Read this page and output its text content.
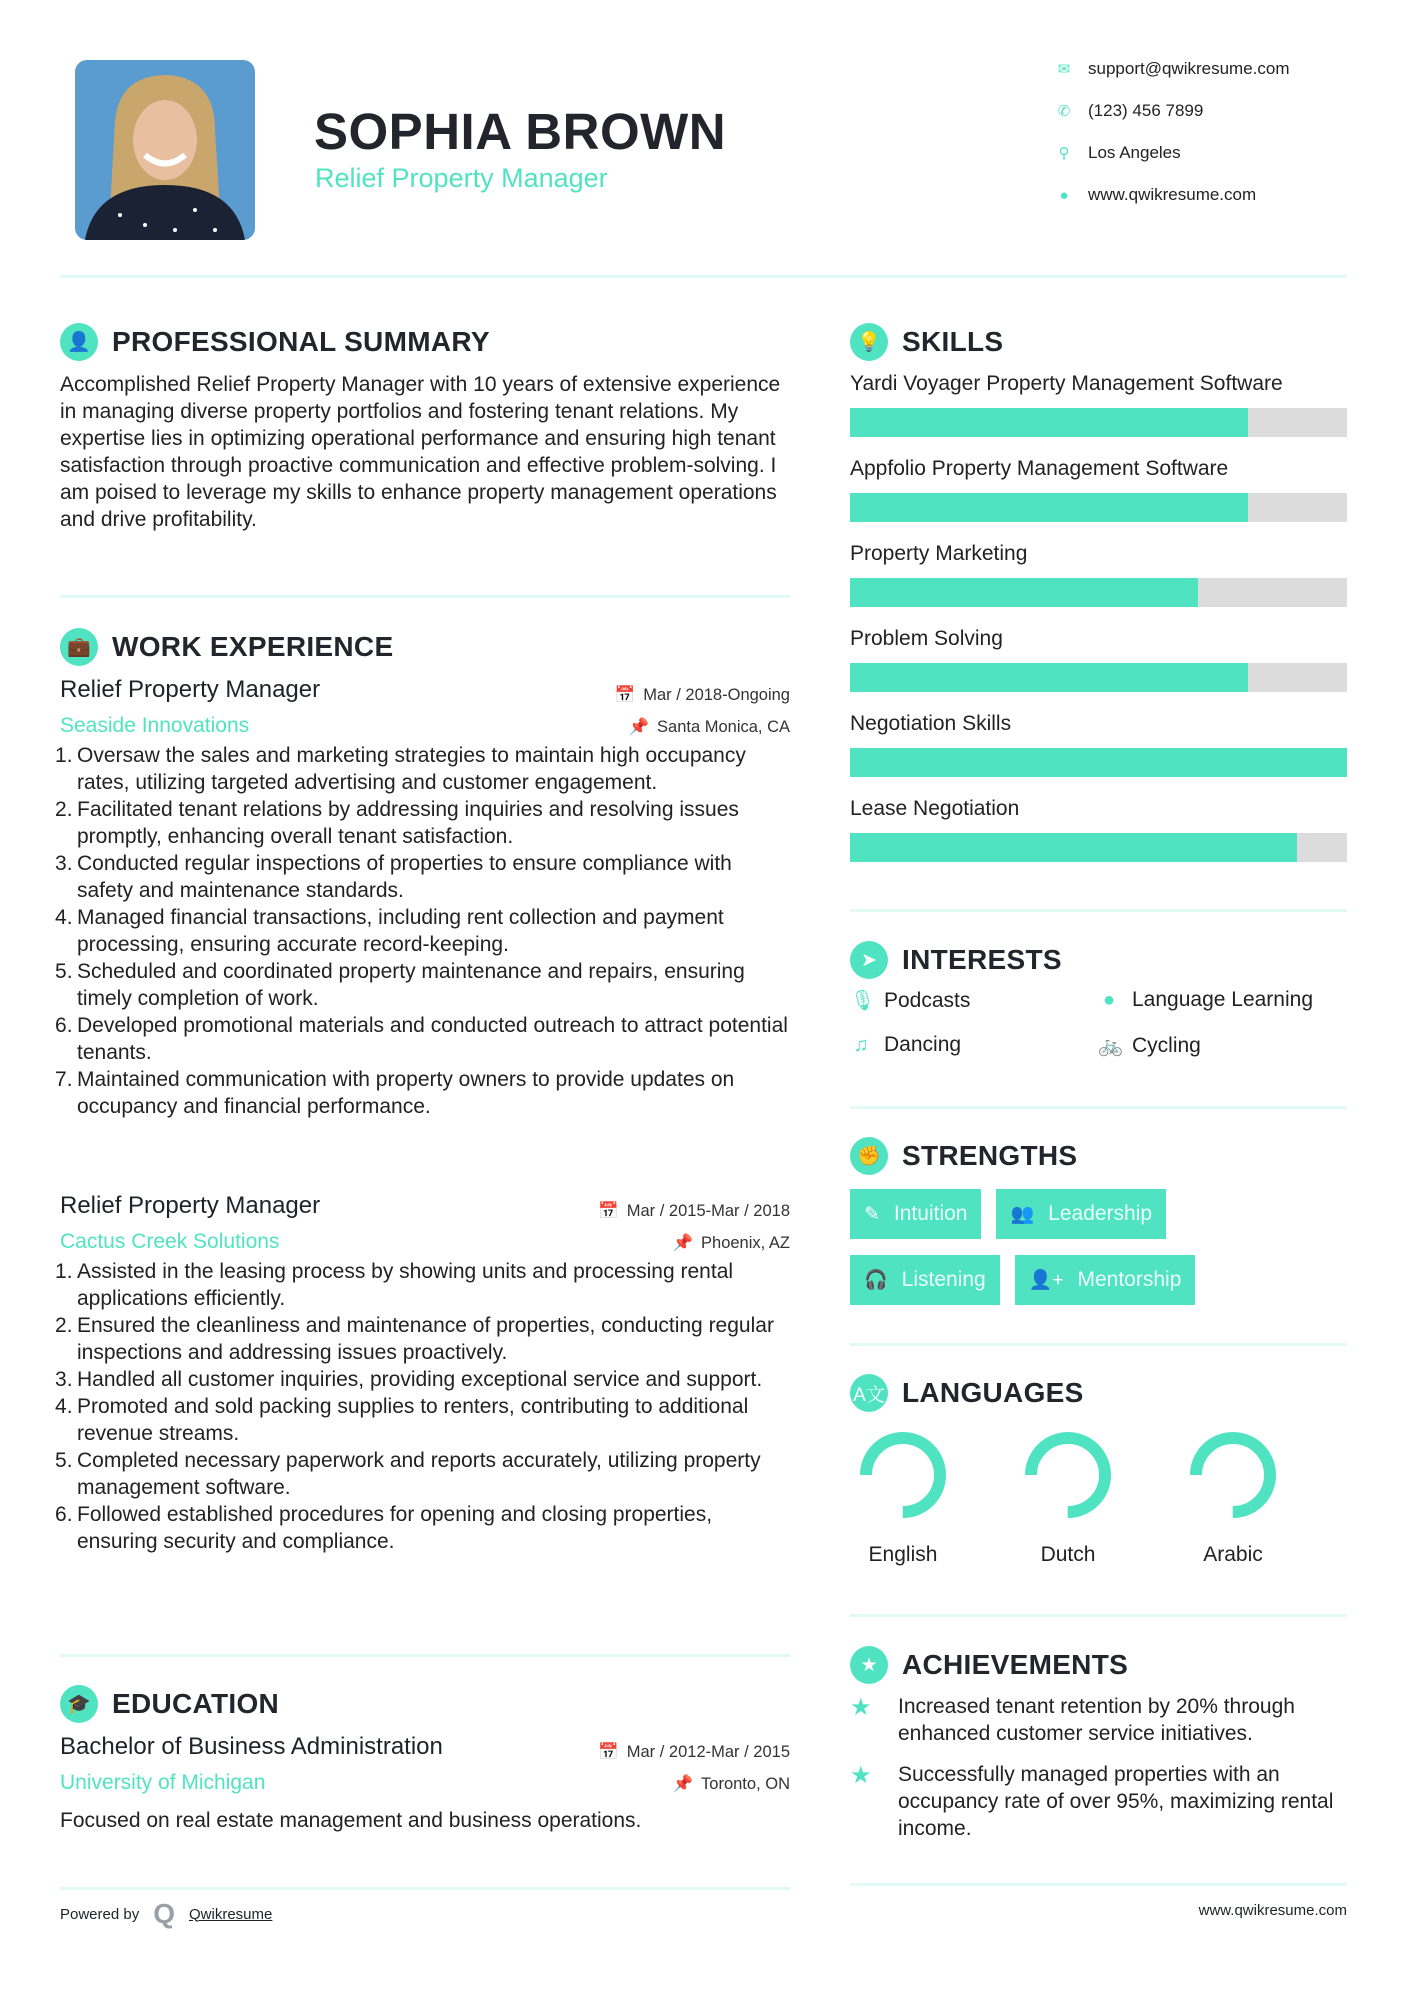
SOPHIA BROWN
Relief Property Manager
✉ support@qwikresume.com
✆ (123) 456 7899
⚲ Los Angeles
● www.qwikresume.com
👤 PROFESSIONAL SUMMARY
Accomplished Relief Property Manager with 10 years of extensive experience in managing diverse property portfolios and fostering tenant relations. My expertise lies in optimizing operational performance and ensuring high tenant satisfaction through proactive communication and effective problem-solving. I am poised to leverage my skills to enhance property management operations and drive profitability.
💼 WORK EXPERIENCE
Relief Property Manager	📅 Mar / 2018-Ongoing
Seaside Innovations	📌 Santa Monica, CA
Oversaw the sales and marketing strategies to maintain high occupancy rates, utilizing targeted advertising and customer engagement.
Facilitated tenant relations by addressing inquiries and resolving issues promptly, enhancing overall tenant satisfaction.
Conducted regular inspections of properties to ensure compliance with safety and maintenance standards.
Managed financial transactions, including rent collection and payment processing, ensuring accurate record-keeping.
Scheduled and coordinated property maintenance and repairs, ensuring timely completion of work.
Developed promotional materials and conducted outreach to attract potential tenants.
Maintained communication with property owners to provide updates on occupancy and financial performance.
Relief Property Manager	📅 Mar / 2015-Mar / 2018
Cactus Creek Solutions	📌 Phoenix, AZ
Assisted in the leasing process by showing units and processing rental applications efficiently.
Ensured the cleanliness and maintenance of properties, conducting regular inspections and addressing issues proactively.
Handled all customer inquiries, providing exceptional service and support.
Promoted and sold packing supplies to renters, contributing to additional revenue streams.
Completed necessary paperwork and reports accurately, utilizing property management software.
Followed established procedures for opening and closing properties, ensuring security and compliance.
🎓 EDUCATION
Bachelor of Business Administration	📅 Mar / 2012-Mar / 2015
University of Michigan	📌 Toronto, ON
Focused on real estate management and business operations.
Powered by Q Qwikresume	www.qwikresume.com
💡 SKILLS
Yardi Voyager Property Management Software
Appfolio Property Management Software
Property Marketing
Problem Solving
Negotiation Skills
Lease Negotiation
➤ INTERESTS
🎙 Podcasts	● Language Learning
♫ Dancing	🚲 Cycling
✊ STRENGTHS
✎ Intuition 👥 Leadership
🎧 Listening 👤+ Mentorship
A文 LANGUAGES
English	Dutch	Arabic
★ ACHIEVEMENTS
★	Increased tenant retention by 20% through enhanced customer service initiatives.
★	Successfully managed properties with an occupancy rate of over 95%, maximizing rental income.
